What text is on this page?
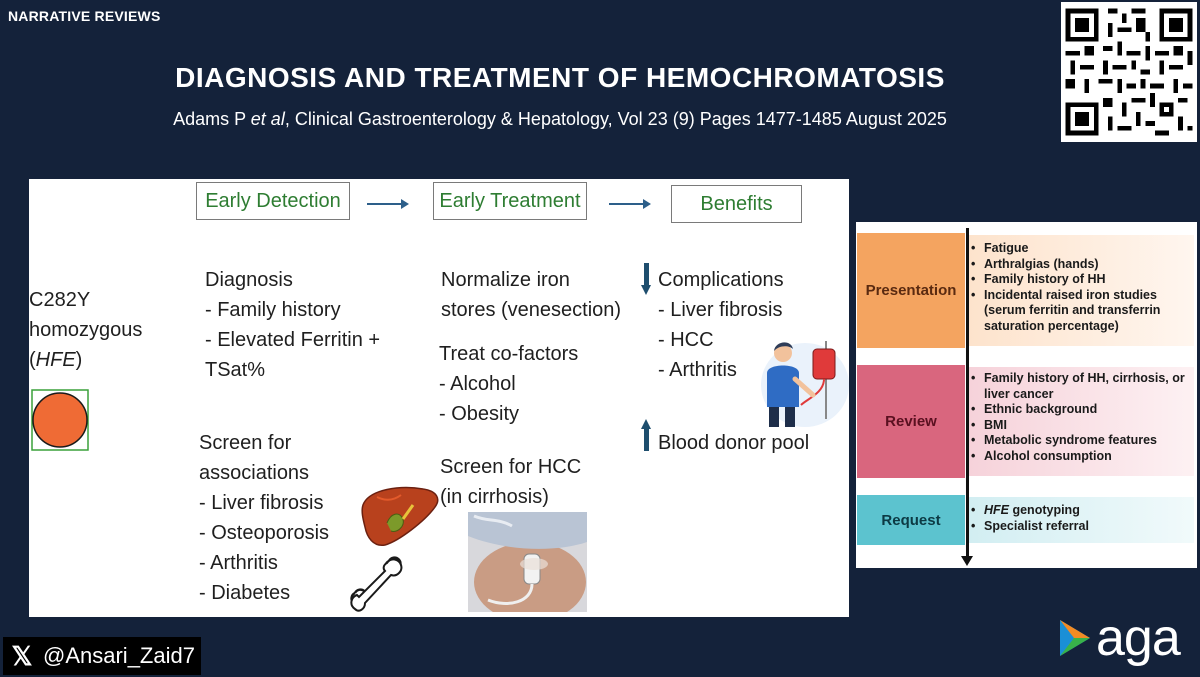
NARRATIVE REVIEWS
DIAGNOSIS AND TREATMENT OF HEMOCHROMATOSIS
Adams P et al, Clinical Gastroenterology & Hepatology, Vol 23 (9) Pages 1477-1485 August 2025
Early Detection	Early Treatment	Benefits
C282Y
homozygous
(HFE)
Diagnosis
- Family history
- Elevated Ferritin +
TSat%
Screen for
associations
- Liver fibrosis
- Osteoporosis
- Arthritis
- Diabetes
Normalize iron
stores (venesection)
Treat co-factors
- Alcohol
- Obesity
Screen for HCC
(in cirrhosis)
Complications
- Liver fibrosis
- HCC
- Arthritis
Blood donor pool
Presentation
• Fatigue
• Arthralgias (hands)
• Family history of HH
• Incidental raised iron studies (serum ferritin and transferrin saturation percentage)
Review
• Family history of HH, cirrhosis, or liver cancer
• Ethnic background
• BMI
• Metabolic syndrome features
• Alcohol consumption
Request
• HFE genotyping
• Specialist referral
𝕏 @Ansari_Zaid7	aga
